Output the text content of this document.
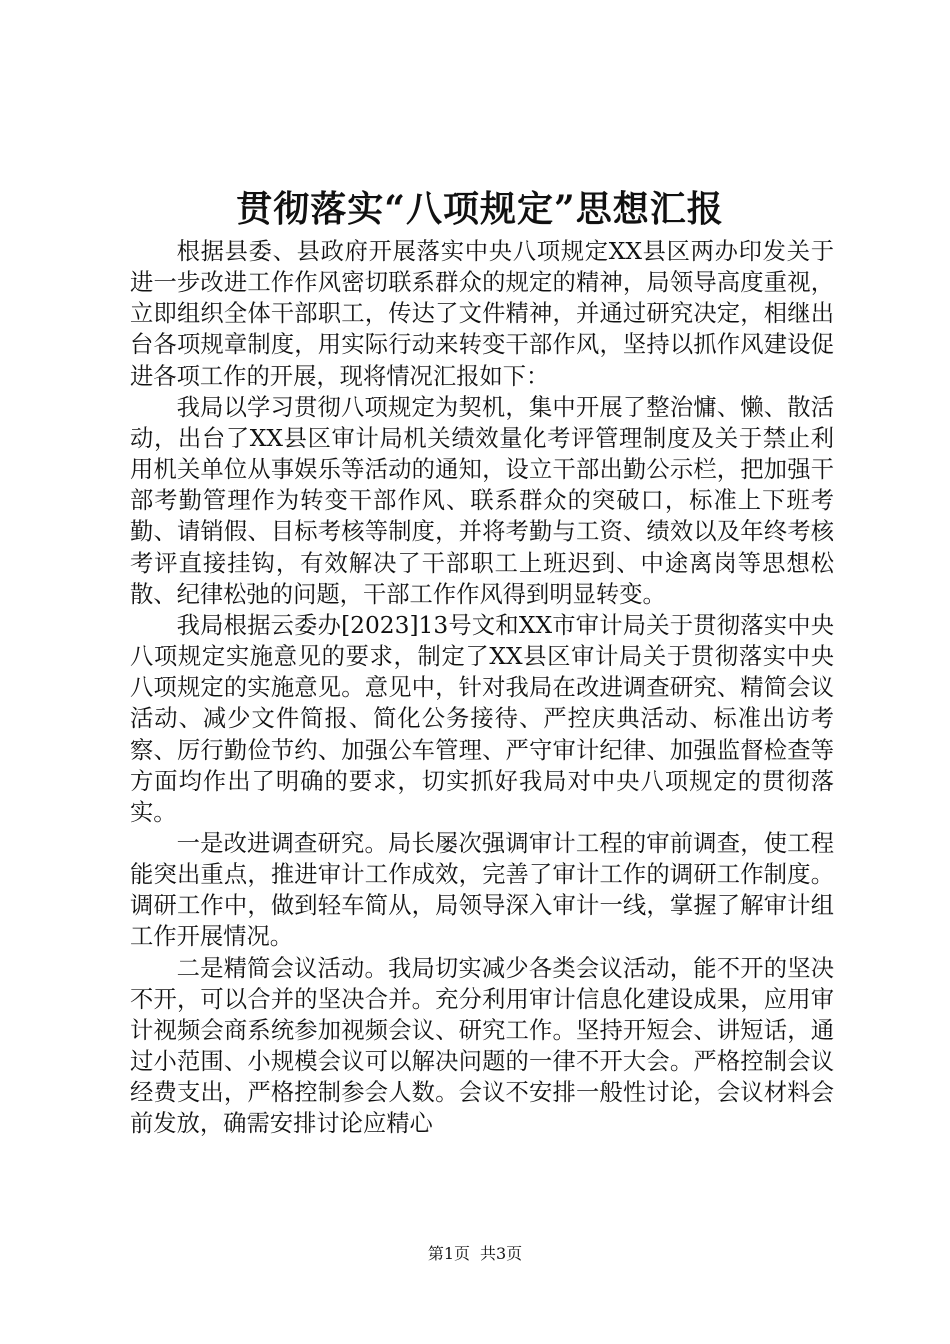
贯彻落实“八项规定”思想汇报

根据县委、县政府开展落实中央八项规定XX县区两办印发关于进一步改进工作作风密切联系群众的规定的精神，局领导高度重视，立即组织全体干部职工，传达了文件精神，并通过研究决定，相继出台各项规章制度，用实际行动来转变干部作风，坚持以抓作风建设促进各项工作的开展，现将情况汇报如下：

我局以学习贯彻八项规定为契机，集中开展了整治慵、懒、散活动，出台了XX县区审计局机关绩效量化考评管理制度及关于禁止利用机关单位从事娱乐等活动的通知，设立干部出勤公示栏，把加强干部考勤管理作为转变干部作风、联系群众的突破口，标准上下班考勤、请销假、目标考核等制度，并将考勤与工资、绩效以及年终考核考评直接挂钩，有效解决了干部职工上班迟到、中途离岗等思想松散、纪律松弛的问题，干部工作作风得到明显转变。

我局根据云委办[2023]13号文和XX市审计局关于贯彻落实中央八项规定实施意见的要求，制定了XX县区审计局关于贯彻落实中央八项规定的实施意见。意见中，针对我局在改进调查研究、精简会议活动、减少文件简报、简化公务接待、严控庆典活动、标准出访考察、厉行勤俭节约、加强公车管理、严守审计纪律、加强监督检查等方面均作出了明确的要求，切实抓好我局对中央八项规定的贯彻落实。

一是改进调查研究。局长屡次强调审计工程的审前调查，使工程能突出重点，推进审计工作成效，完善了审计工作的调研工作制度。调研工作中，做到轻车简从，局领导深入审计一线，掌握了解审计组工作开展情况。

二是精简会议活动。我局切实减少各类会议活动，能不开的坚决不开，可以合并的坚决合并。充分利用审计信息化建设成果，应用审计视频会商系统参加视频会议、研究工作。坚持开短会、讲短话，通过小范围、小规模会议可以解决问题的一律不开大会。严格控制会议经费支出，严格控制参会人数。会议不安排一般性讨论，会议材料会前发放，确需安排讨论应精心

第1页 共3页
